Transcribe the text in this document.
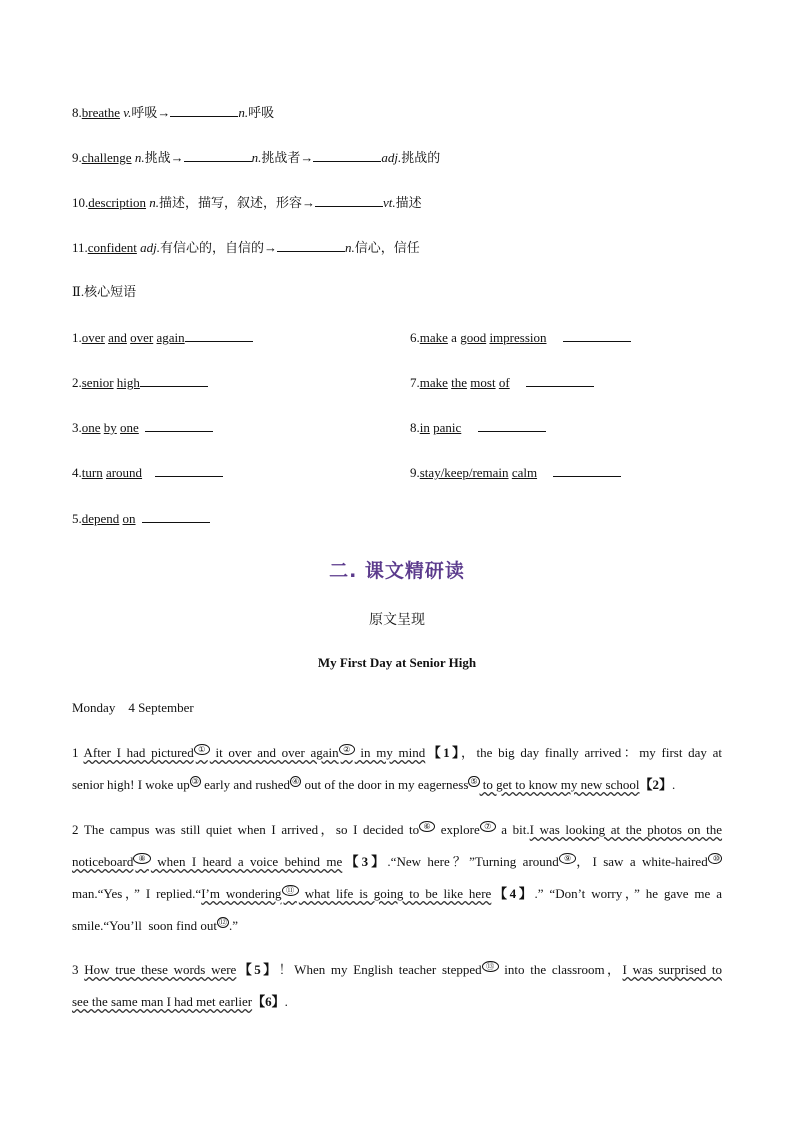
8.breathe v.呼吸→	n.呼吸
9.challenge n.挑战→	n.挑战者→	adj.挑战的
10.description n.描述，描写，叙述，形容→	vt.描述
11.confident adj.有信心的，自信的→	n.信心，信任
Ⅱ.核心短语
1.over and over again
2.senior high
3.one by one
4.turn around
5.depend on
6.make a good impression
7.make the most of
8.in panic
9.stay/keep/remain calm
二. 课文精研读
原文呈现
My First Day at Senior High
Monday    4 September
1 After I had pictured ① it over and over again ② in my mind【1】，the big day finally arrived：my first day at
senior high! I woke up ③ early and rushed ④ out of the door in my eagerness ⑤ to get to know my new school【2】.
2 The campus was still quiet when I arrived，so I decided to ⑥ explore ⑦ a bit.I was looking at the photos on the
noticeboard ⑧ when I heard a voice behind me【3】.“New here？”Turning around ⑨ ，I saw a white-haired ⑩
man.“Yes，” I replied.“I’m wondering ⑪ what life is going to be like here【4】.” “Don’t worry，” he gave me a
smile.“You’ll  soon find out ⑫ .”
3 How true these words were【5】！When my English teacher stepped ⑬ into the classroom，I was surprised to
see the same man I had met earlier【6】.
